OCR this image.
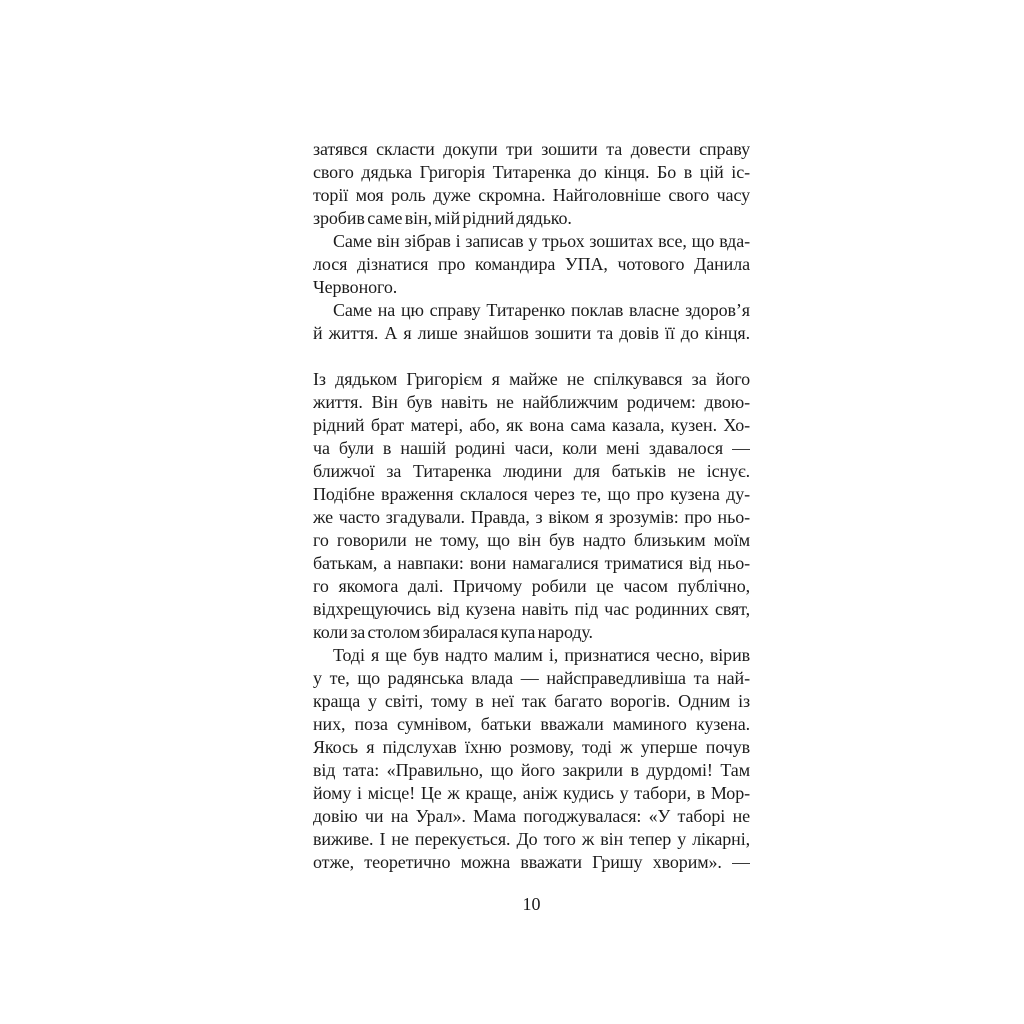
затявся скласти докупи три зошити та довести справу
свого дядька Григорія Титаренка до кінця. Бо в цій іс-
торії моя роль дуже скромна. Найголовніше свого часу
зробив саме він, мій рідний дядько.
Саме він зібрав і записав у трьох зошитах все, що вда-
лося дізнатися про командира УПА, чотового Данила
Червоного.
Саме на цю справу Титаренко поклав власне здоров’я
й життя. А я лише знайшов зошити та довів її до кінця.
Із дядьком Григорієм я майже не спілкувався за його
життя. Він був навіть не найближчим родичем: двою-
рідний брат матері, або, як вона сама казала, кузен. Хо-
ча були в нашій родині часи, коли мені здавалося —
ближчої за Титаренка людини для батьків не існує.
Подібне враження склалося через те, що про кузена ду-
же часто згадували. Правда, з віком я зрозумів: про ньо-
го говорили не тому, що він був надто близьким моїм
батькам, а навпаки: вони намагалися триматися від ньо-
го якомога далі. Причому робили це часом публічно,
відхрещуючись від кузена навіть під час родинних свят,
коли за столом збиралася купа народу.
Тоді я ще був надто малим і, признатися чесно, вірив
у те, що радянська влада — найсправедливіша та най-
краща у світі, тому в неї так багато ворогів. Одним із
них, поза сумнівом, батьки вважали маминого кузена.
Якось я підслухав їхню розмову, тоді ж уперше почув
від тата: «Правильно, що його закрили в дурдомі! Там
йому і місце! Це ж краще, аніж кудись у табори, в Мор-
довію чи на Урал». Мама погоджувалася: «У таборі не
виживе. І не перекується. До того ж він тепер у лікарні,
отже, теоретично можна вважати Гришу хворим». —
10
